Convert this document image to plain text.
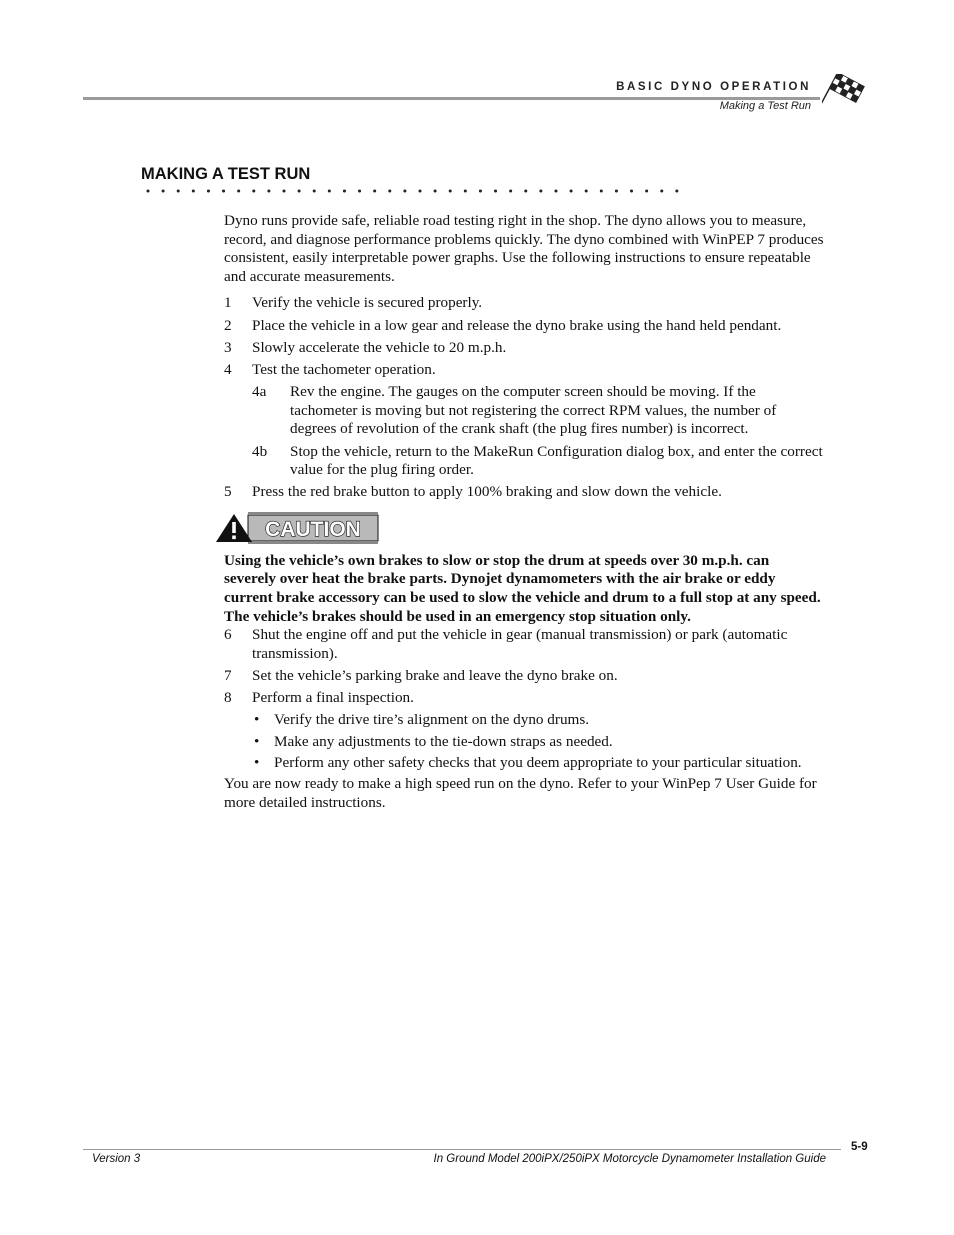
BASIC DYNO OPERATION
Making a Test Run
MAKING A TEST RUN

Dyno runs provide safe, reliable road testing right in the shop. The dyno allows you to measure, record, and diagnose performance problems quickly. The dyno combined with WinPEP 7 produces consistent, easily interpretable power graphs. Use the following instructions to ensure repeatable and accurate measurements.

1	Verify the vehicle is secured properly.
2	Place the vehicle in a low gear and release the dyno brake using the hand held pendant.
3	Slowly accelerate the vehicle to 20 m.p.h.
4	Test the tachometer operation.
4a	Rev the engine. The gauges on the computer screen should be moving. If the tachometer is moving but not registering the correct RPM values, the number of degrees of revolution of the crank shaft (the plug fires number) is incorrect.
4b	Stop the vehicle, return to the MakeRun Configuration dialog box, and enter the correct value for the plug firing order.
5	Press the red brake button to apply 100% braking and slow down the vehicle.
CAUTION

Using the vehicle’s own brakes to slow or stop the drum at speeds over 30 m.p.h. can severely over heat the brake parts. Dynojet dynamometers with the air brake or eddy current brake accessory can be used to slow the vehicle and drum to a full stop at any speed. The vehicle’s brakes should be used in an emergency stop situation only.

6	Shut the engine off and put the vehicle in gear (manual transmission) or park (automatic transmission).
7	Set the vehicle’s parking brake and leave the dyno brake on.
8	Perform a final inspection.
• Verify the drive tire’s alignment on the dyno drums.
• Make any adjustments to the tie-down straps as needed.
• Perform any other safety checks that you deem appropriate to your particular situation.

You are now ready to make a high speed run on the dyno. Refer to your WinPep 7 User Guide for more detailed instructions.

5-9
Version 3	In Ground Model 200iPX/250iPX Motorcycle Dynamometer Installation Guide
